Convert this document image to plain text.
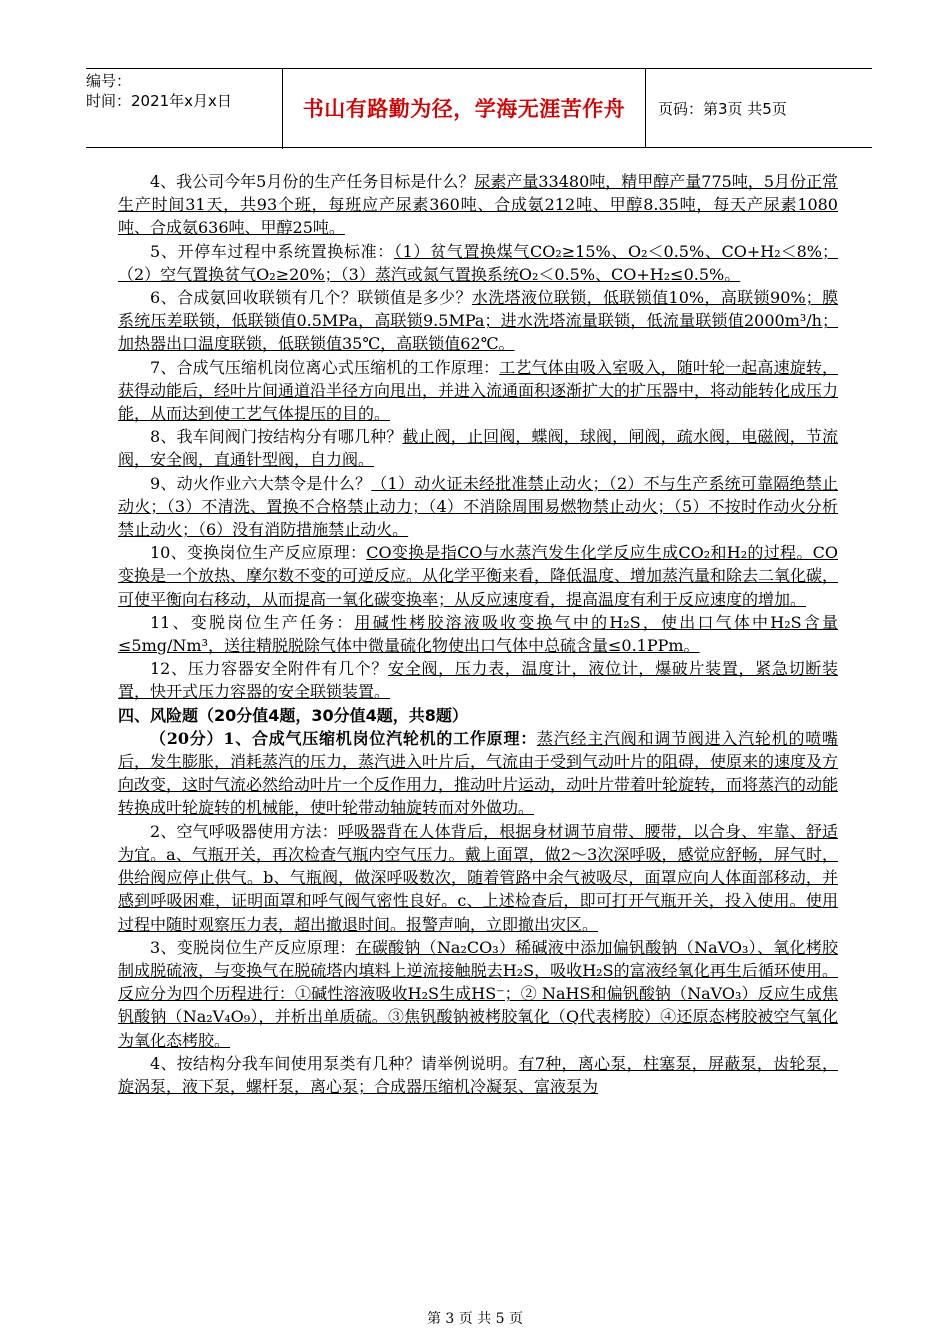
编号：
时间：2021年x月x日	书山有路勤为径，学海无涯苦作舟	页码：第3页 共5页

4、我公司今年5月份的生产任务目标是什么？尿素产量33480吨，精甲醇产量775吨，5月份正常生产时间31天，共93个班，每班应产尿素360吨、合成氨212吨、甲醇8.35吨，每天产尿素1080吨、合成氨636吨、甲醇25吨。

5、开停车过程中系统置换标准：（1）贫气置换煤气CO₂≥15%、O₂＜0.5%、CO+H₂＜8%；（2）空气置换贫气O₂≥20%；（3）蒸汽或氮气置换系统O₂＜0.5%、CO+H₂≤0.5%。

6、合成氨回收联锁有几个？联锁值是多少？水洗塔液位联锁，低联锁值10%，高联锁90%；膜系统压差联锁，低联锁值0.5MPa，高联锁9.5MPa；进水洗塔流量联锁，低流量联锁值2000m³/h；加热器出口温度联锁，低联锁值35℃，高联锁值62℃。

7、合成气压缩机岗位离心式压缩机的工作原理：工艺气体由吸入室吸入，随叶轮一起高速旋转，获得动能后，经叶片间通道沿半径方向甩出，并进入流通面积逐渐扩大的扩压器中，将动能转化成压力能，从而达到使工艺气体提压的目的。

8、我车间阀门按结构分有哪几种？截止阀，止回阀，蝶阀，球阀，闸阀，疏水阀，电磁阀，节流阀，安全阀，直通针型阀，自力阀。

9、动火作业六大禁令是什么？（1）动火证未经批准禁止动火；（2）不与生产系统可靠隔绝禁止动火；（3）不清洗、置换不合格禁止动力；（4）不消除周围易燃物禁止动火；（5）不按时作动火分析禁止动火；（6）没有消防措施禁止动火。

10、变换岗位生产反应原理：CO变换是指CO与水蒸汽发生化学反应生成CO₂和H₂的过程。CO变换是一个放热、摩尔数不变的可逆反应。从化学平衡来看，降低温度、增加蒸汽量和除去二氧化碳，可使平衡向右移动，从而提高一氧化碳变换率；从反应速度看，提高温度有利于反应速度的增加。

11、变脱岗位生产任务：用碱性栲胶溶液吸收变换气中的H₂S，使出口气体中H₂S含量≤5mg/Nm³，送往精脱脱除气体中微量硫化物使出口气体中总硫含量≤0.1PPm。

12、压力容器安全附件有几个？安全阀，压力表，温度计，液位计，爆破片装置，紧急切断装置，快开式压力容器的安全联锁装置。

四、风险题（20分值4题，30分值4题，共8题）

（20分）1、合成气压缩机岗位汽轮机的工作原理：蒸汽经主汽阀和调节阀进入汽轮机的喷嘴后，发生膨胀，消耗蒸汽的压力，蒸汽进入叶片后，气流由于受到气动叶片的阻碍，使原来的速度及方向改变，这时气流必然给动叶片一个反作用力，推动叶片运动，动叶片带着叶轮旋转，而将蒸汽的动能转换成叶轮旋转的机械能，使叶轮带动轴旋转而对外做功。

2、空气呼吸器使用方法：呼吸器背在人体背后，根据身材调节肩带、腰带，以合身、牢靠、舒适为宜。a、气瓶开关，再次检查气瓶内空气压力。戴上面罩，做2～3次深呼吸，感觉应舒畅，屏气时，供给阀应停止供气。b、气瓶阀，做深呼吸数次，随着管路中余气被吸尽，面罩应向人体面部移动，并感到呼吸困难，证明面罩和呼气阀气密性良好。c、上述检查后，即可打开气瓶开关，投入使用。使用过程中随时观察压力表，超出撤退时间。报警声响，立即撤出灾区。

3、变脱岗位生产反应原理：在碳酸钠（Na₂CO₃）稀碱液中添加偏钒酸钠（NaVO₃）、氧化栲胶制成脱硫液，与变换气在脱硫塔内填料上逆流接触脱去H₂S，吸收H₂S的富液经氧化再生后循环使用。反应分为四个历程进行：①碱性溶液吸收H₂S生成HS⁻；② NaHS和偏钒酸钠（NaVO₃）反应生成焦钒酸钠（Na₂V₄O₉），并析出单质硫。③焦钒酸钠被栲胶氧化（Q代表栲胶）④还原态栲胶被空气氧化为氧化态栲胶。

4、按结构分我车间使用泵类有几种？请举例说明。有7种，离心泵，柱塞泵，屏蔽泵，齿轮泵，旋涡泵，液下泵，螺杆泵，离心泵；合成器压缩机冷凝泵、富液泵为

第 3 页 共 5 页
